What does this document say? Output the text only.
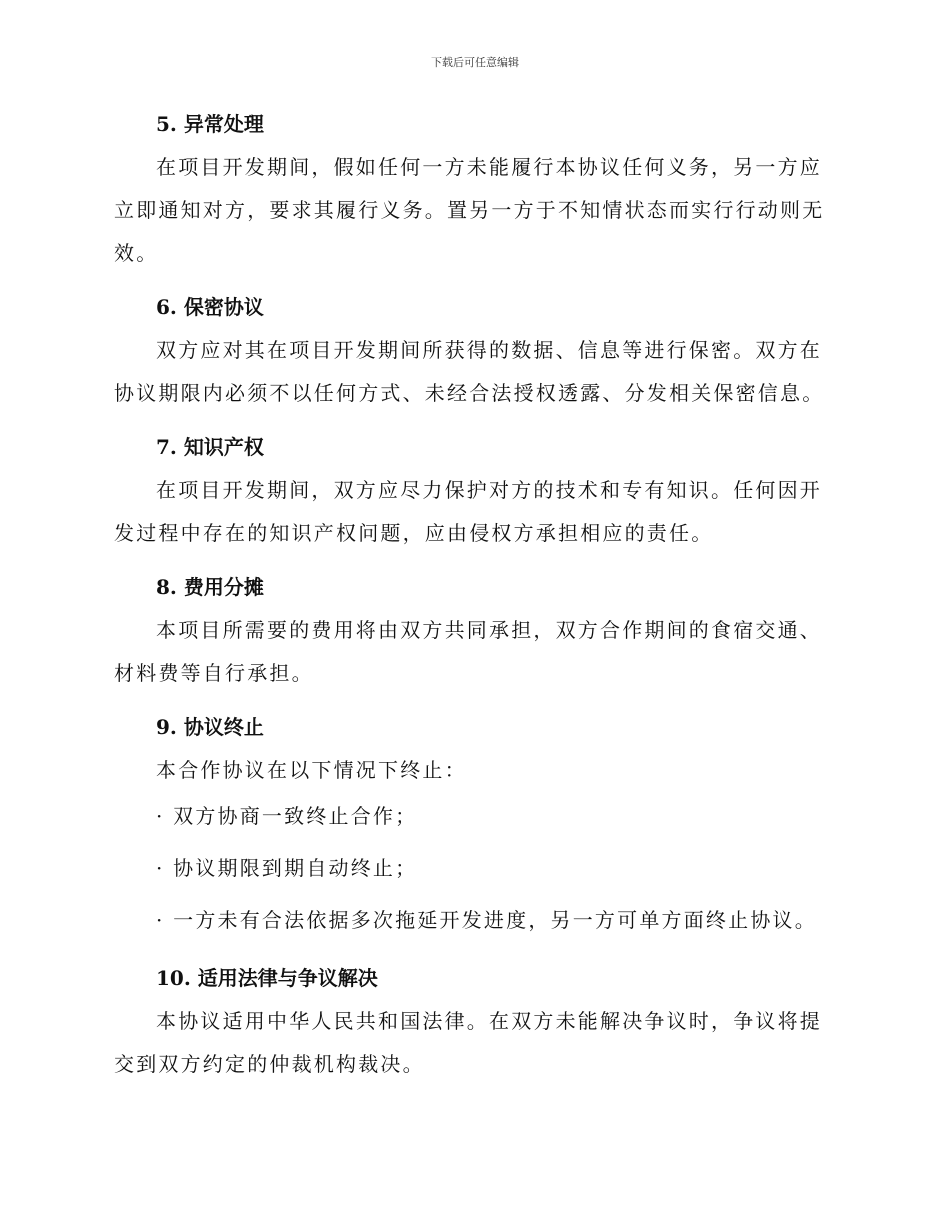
下载后可任意编辑

5. 异常处理

在项目开发期间，假如任何一方未能履行本协议任何义务，另一方应立即通知对方，要求其履行义务。置另一方于不知情状态而实行行动则无效。

6. 保密协议

双方应对其在项目开发期间所获得的数据、信息等进行保密。双方在协议期限内必须不以任何方式、未经合法授权透露、分发相关保密信息。

7. 知识产权

在项目开发期间，双方应尽力保护对方的技术和专有知识。任何因开发过程中存在的知识产权问题，应由侵权方承担相应的责任。

8. 费用分摊

本项目所需要的费用将由双方共同承担，双方合作期间的食宿交通、材料费等自行承担。

9. 协议终止

本合作协议在以下情况下终止：

· 双方协商一致终止合作；

· 协议期限到期自动终止；

· 一方未有合法依据多次拖延开发进度，另一方可单方面终止协议。

10. 适用法律与争议解决

本协议适用中华人民共和国法律。在双方未能解决争议时，争议将提交到双方约定的仲裁机构裁决。
